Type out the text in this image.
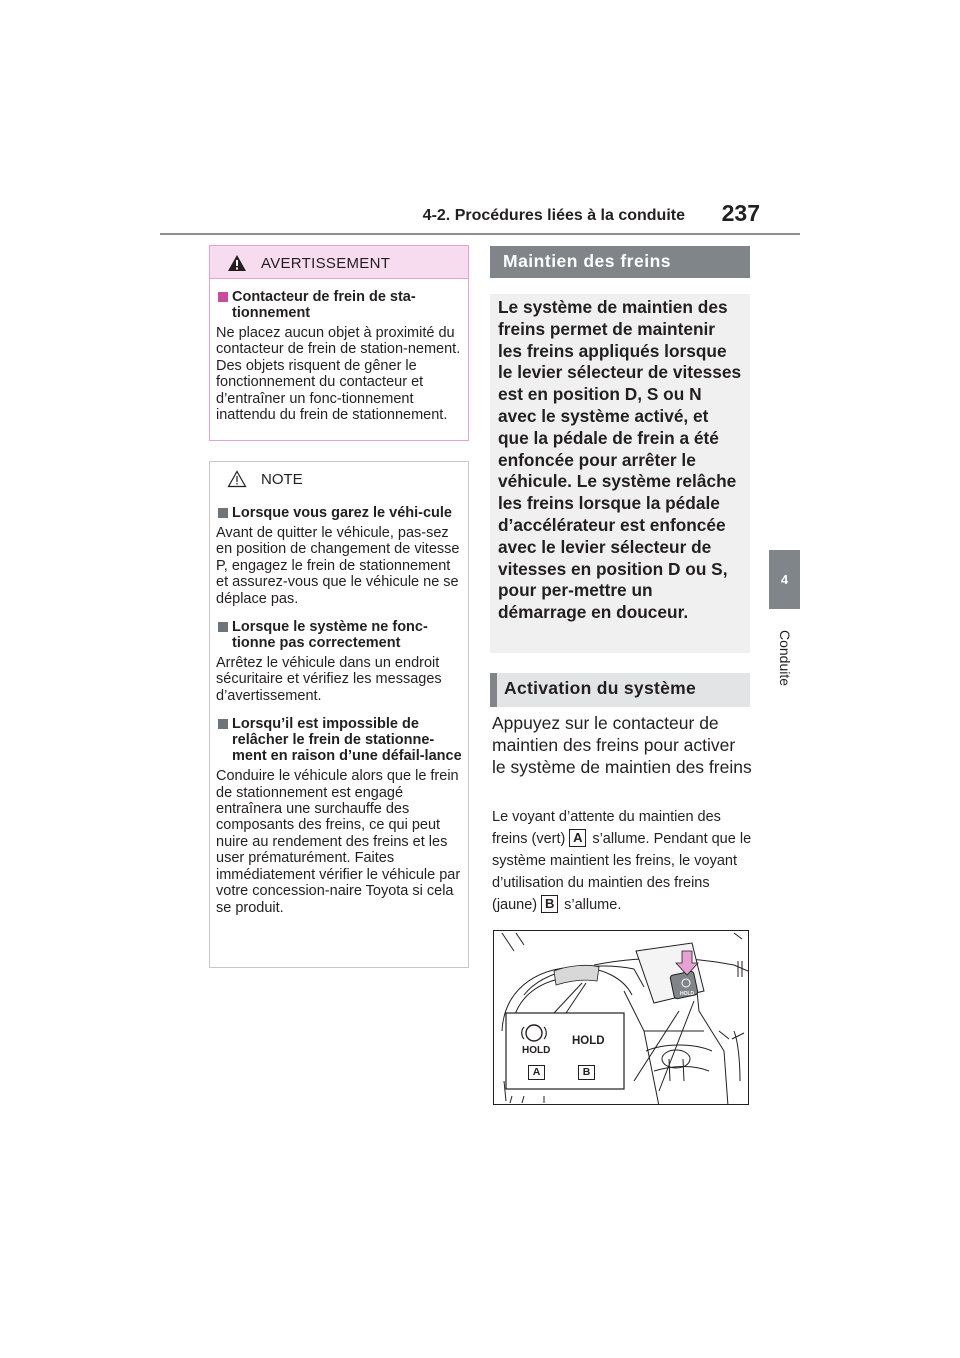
4-2. Procédures liées à la conduite 237
4
Conduite
AVERTISSEMENT
Contacteur de frein de sta-tionnement
Ne placez aucun objet à proximité du contacteur de frein de station-nement. Des objets risquent de gêner le fonctionnement du contacteur et d’entraîner un fonc-tionnement inattendu du frein de stationnement.
NOTE
Lorsque vous garez le véhi-cule
Avant de quitter le véhicule, pas-sez en position de changement de vitesse P, engagez le frein de stationnement et assurez-vous que le véhicule ne se déplace pas.
Lorsque le système ne fonc-tionne pas correctement
Arrêtez le véhicule dans un endroit sécuritaire et vérifiez les messages d’avertissement.
Lorsqu’il est impossible de relâcher le frein de stationne-ment en raison d’une défail-lance
Conduire le véhicule alors que le frein de stationnement est engagé entraînera une surchauffe des composants des freins, ce qui peut nuire au rendement des freins et les user prématurément. Faites immédiatement vérifier le véhicule par votre concession-naire Toyota si cela se produit.
Maintien des freins
Le système de maintien des freins permet de maintenir les freins appliqués lorsque le levier sélecteur de vitesses est en position D, S ou N avec le système activé, et que la pédale de frein a été enfoncée pour arrêter le véhicule. Le système relâche les freins lorsque la pédale d’accélérateur est enfoncée avec le levier sélecteur de vitesses en position D ou S, pour per-mettre un démarrage en douceur.
Activation du système
Appuyez sur le contacteur de maintien des freins pour activer le système de maintien des freins
Le voyant d’attente du maintien des freins (vert) A s’allume. Pendant que le système maintient les freins, le voyant d’utilisation du maintien des freins (jaune) B s’allume.
HOLD
HOLD
HOLD
A	B
